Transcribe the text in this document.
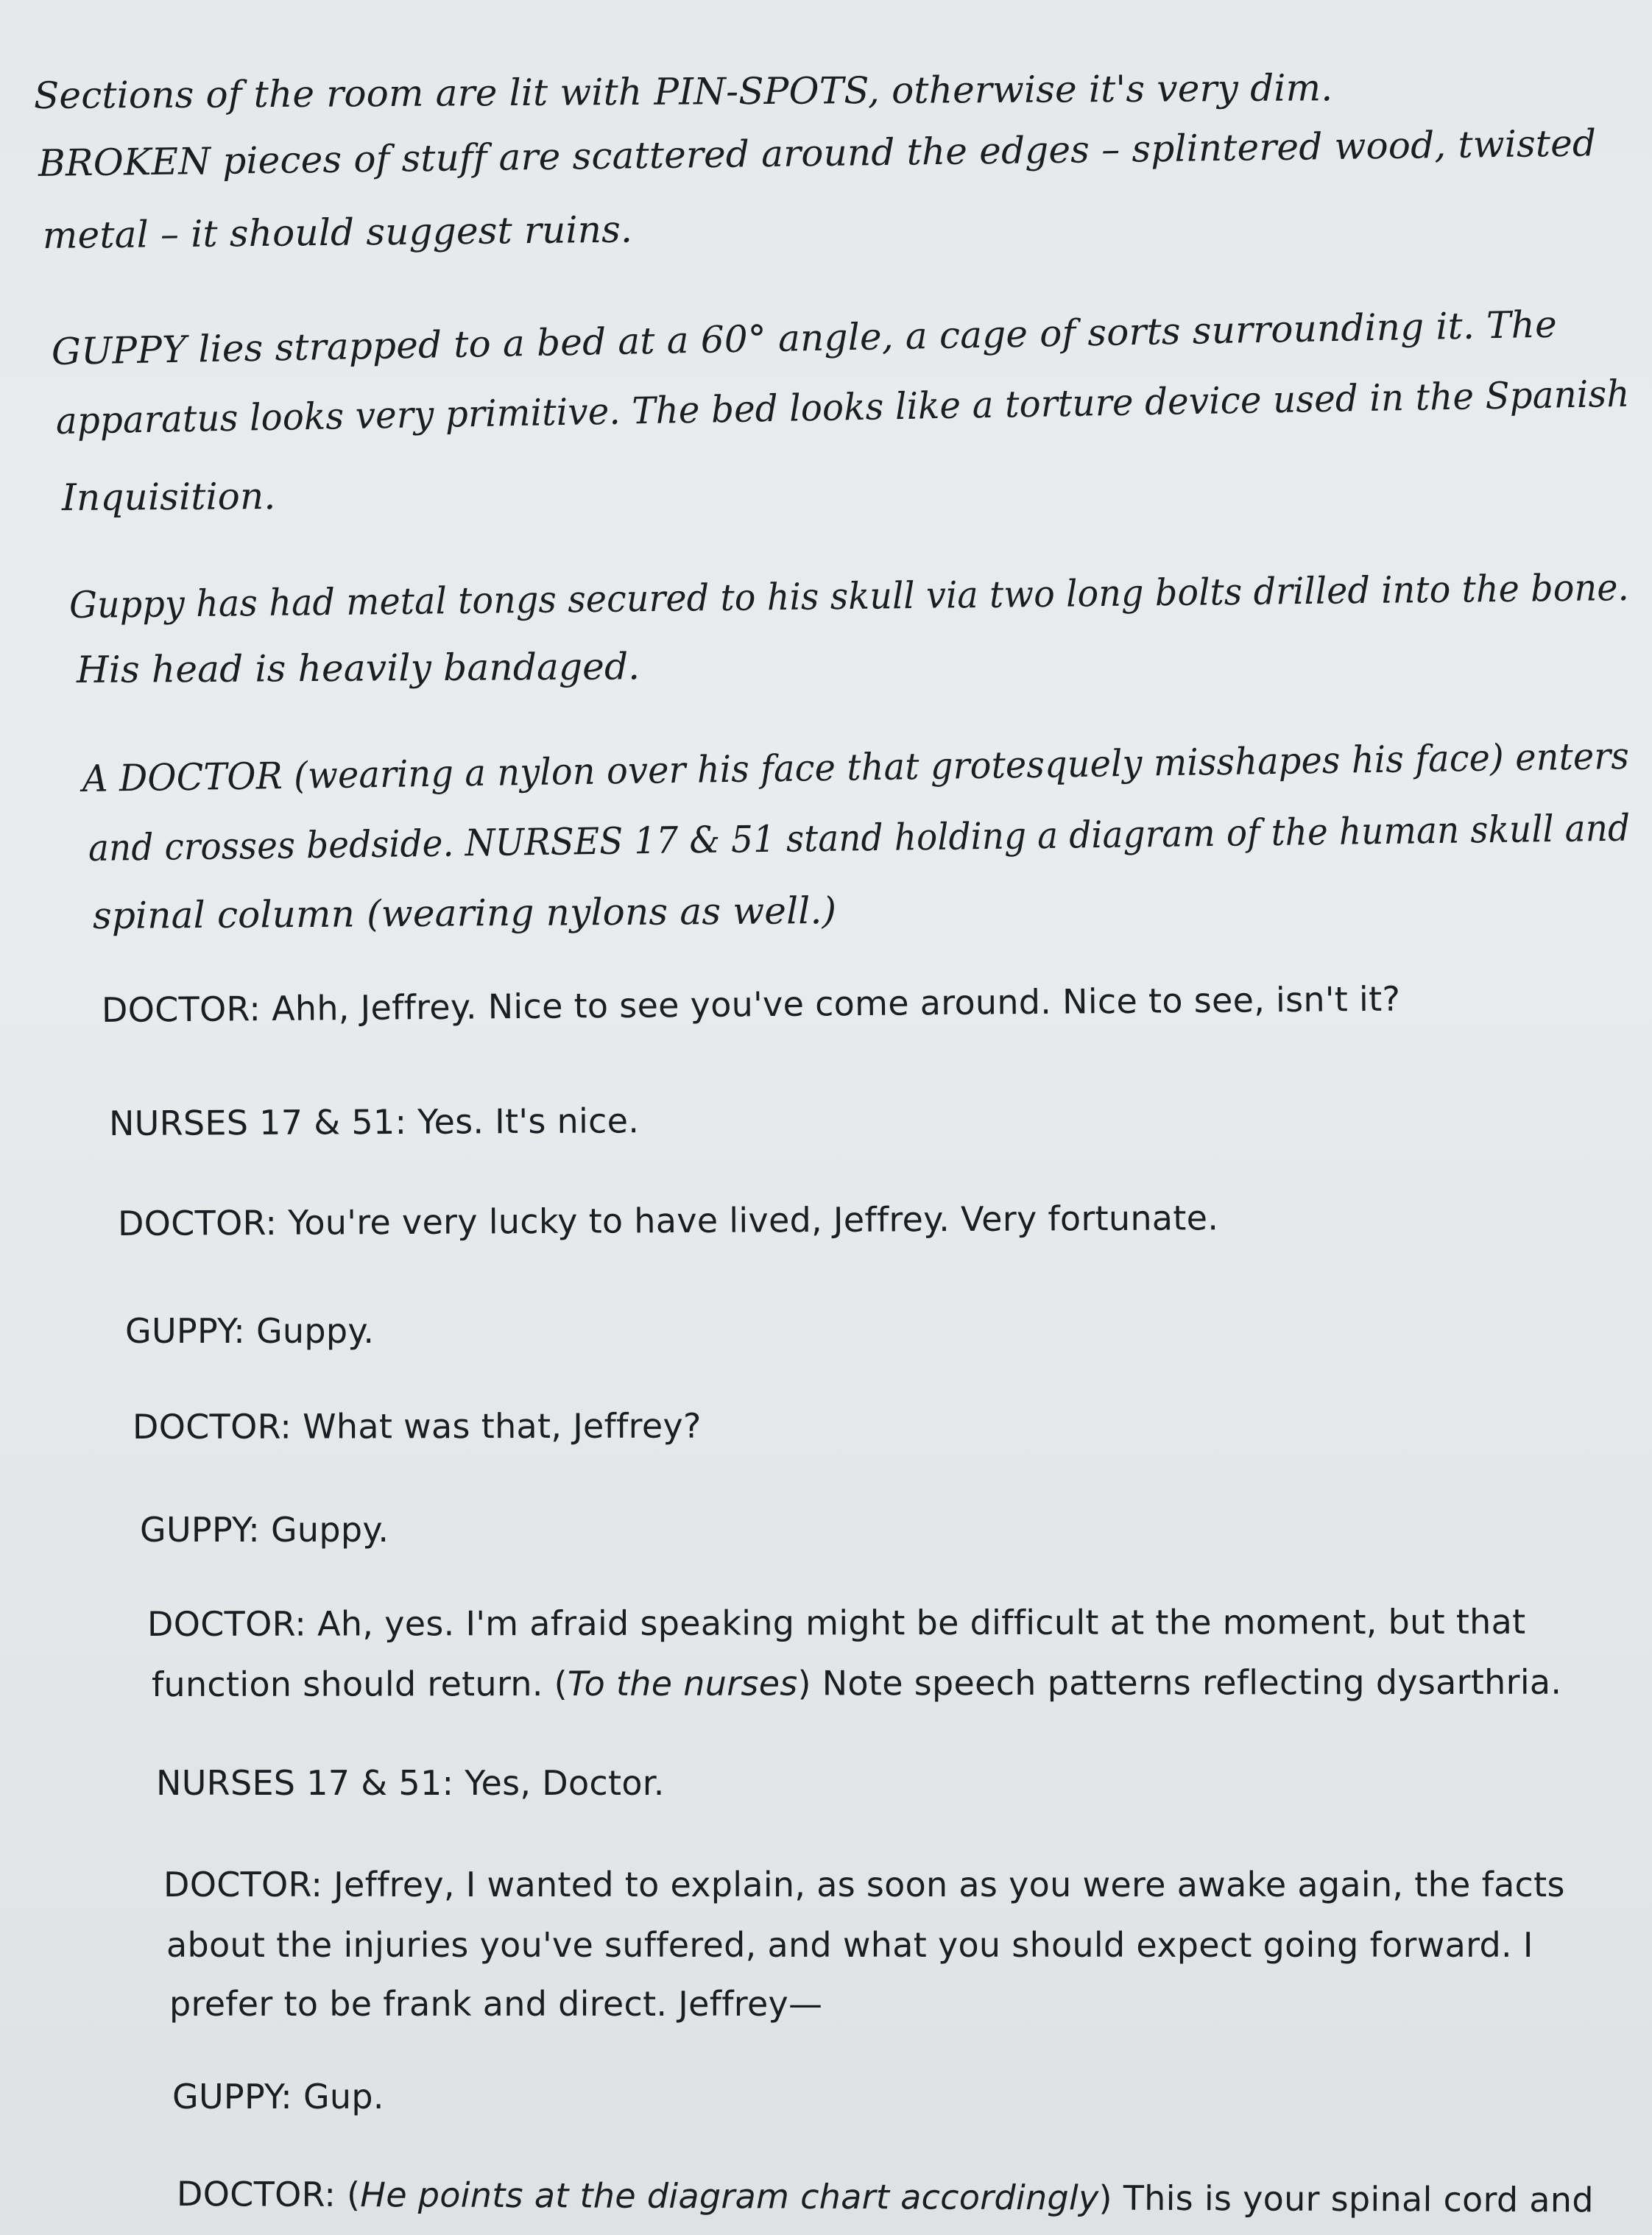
Sections of the room are lit with PIN-SPOTS, otherwise it's very dim.
BROKEN pieces of stuff are scattered around the edges – splintered wood, twisted
metal – it should suggest ruins.
GUPPY lies strapped to a bed at a 60° angle, a cage of sorts surrounding it. The
apparatus looks very primitive. The bed looks like a torture device used in the Spanish
Inquisition.
Guppy has had metal tongs secured to his skull via two long bolts drilled into the bone.
His head is heavily bandaged.
A DOCTOR (wearing a nylon over his face that grotesquely misshapes his face) enters
and crosses bedside. NURSES 17 & 51 stand holding a diagram of the human skull and
spinal column (wearing nylons as well.)
DOCTOR: Ahh, Jeffrey. Nice to see you've come around. Nice to see, isn't it?
NURSES 17 & 51: Yes. It's nice.
DOCTOR: You're very lucky to have lived, Jeffrey. Very fortunate.
GUPPY: Guppy.
DOCTOR: What was that, Jeffrey?
GUPPY: Guppy.
DOCTOR: Ah, yes. I'm afraid speaking might be difficult at the moment, but that
function should return. (To the nurses) Note speech patterns reflecting dysarthria.
NURSES 17 & 51: Yes, Doctor.
DOCTOR: Jeffrey, I wanted to explain, as soon as you were awake again, the facts
about the injuries you've suffered, and what you should expect going forward. I
prefer to be frank and direct. Jeffrey—
GUPPY: Gup.
DOCTOR: (He points at the diagram chart accordingly) This is your spinal cord and
